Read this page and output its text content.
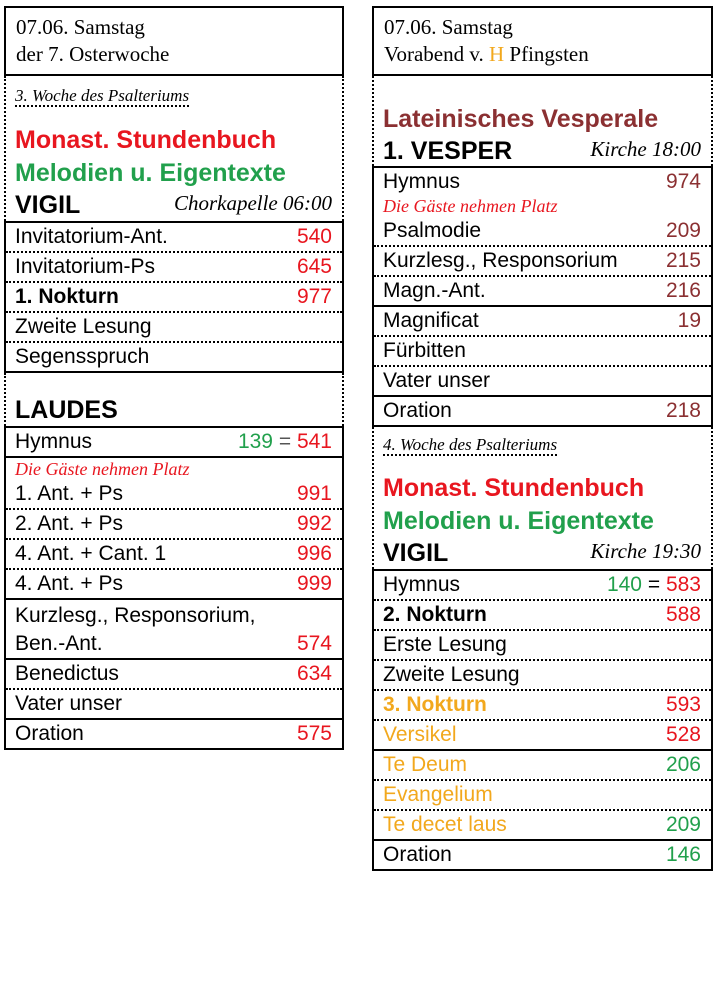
07.06. Samstag
der 7. Osterwoche
3. Woche des Psalteriums
Monast. Stundenbuch
Melodien u. Eigentexte
VIGIL	Chorkapelle 06:00
Invitatorium-Ant.	540
Invitatorium-Ps	645
1. Nokturn	977
Zweite Lesung
Segensspruch
LAUDES
Hymnus	139 = 541
Die Gäste nehmen Platz
1. Ant. + Ps	991
2. Ant. + Ps	992
4. Ant. + Cant. 1	996
4. Ant. + Ps	999
Kurzlesg., Responsorium,
Ben.-Ant.	574
Benedictus	634
Vater unser
Oration	575
07.06. Samstag
Vorabend v. H Pfingsten
Lateinisches Vesperale
1. VESPER	Kirche 18:00
Hymnus	974
Die Gäste nehmen Platz
Psalmodie	209
Kurzlesg., Responsorium 215
Magn.-Ant.	216
Magnificat	19
Fürbitten
Vater unser
Oration	218
4. Woche des Psalteriums
Monast. Stundenbuch
Melodien u. Eigentexte
VIGIL	Kirche 19:30
Hymnus	140 = 583
2. Nokturn	588
Erste Lesung
Zweite Lesung
3. Nokturn	593
Versikel	528
Te Deum	206
Evangelium
Te decet laus	209
Oration	146
